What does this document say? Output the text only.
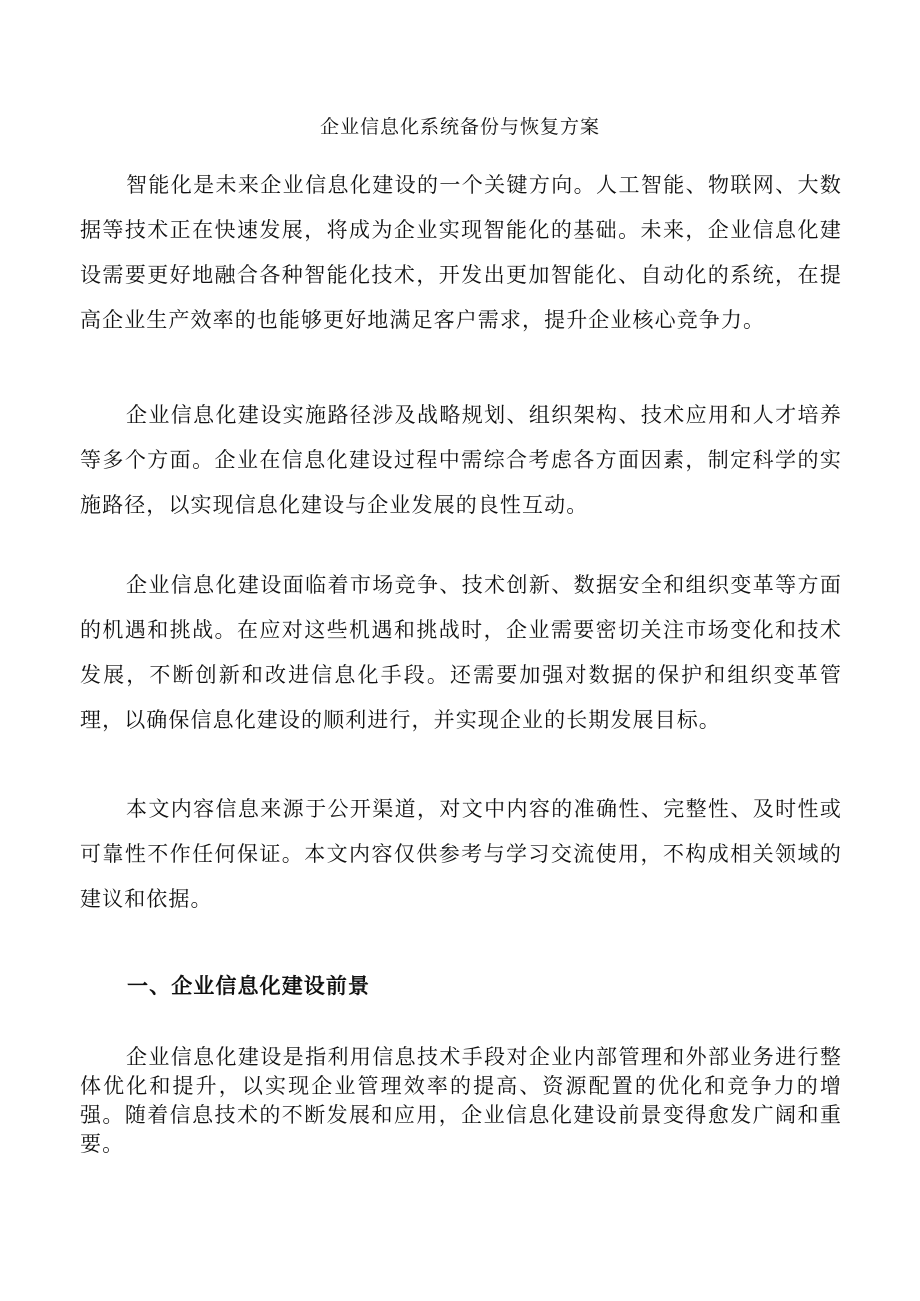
企业信息化系统备份与恢复方案

智能化是未来企业信息化建设的一个关键方向。人工智能、物联网、大数据等技术正在快速发展，将成为企业实现智能化的基础。未来，企业信息化建设需要更好地融合各种智能化技术，开发出更加智能化、自动化的系统，在提高企业生产效率的也能够更好地满足客户需求，提升企业核心竞争力。

企业信息化建设实施路径涉及战略规划、组织架构、技术应用和人才培养等多个方面。企业在信息化建设过程中需综合考虑各方面因素，制定科学的实施路径，以实现信息化建设与企业发展的良性互动。

企业信息化建设面临着市场竞争、技术创新、数据安全和组织变革等方面的机遇和挑战。在应对这些机遇和挑战时，企业需要密切关注市场变化和技术发展，不断创新和改进信息化手段。还需要加强对数据的保护和组织变革管理，以确保信息化建设的顺利进行，并实现企业的长期发展目标。

本文内容信息来源于公开渠道，对文中内容的准确性、完整性、及时性或可靠性不作任何保证。本文内容仅供参考与学习交流使用，不构成相关领域的建议和依据。

一、企业信息化建设前景

企业信息化建设是指利用信息技术手段对企业内部管理和外部业务进行整体优化和提升，以实现企业管理效率的提高、资源配置的优化和竞争力的增强。随着信息技术的不断发展和应用，企业信息化建设前景变得愈发广阔和重要。
